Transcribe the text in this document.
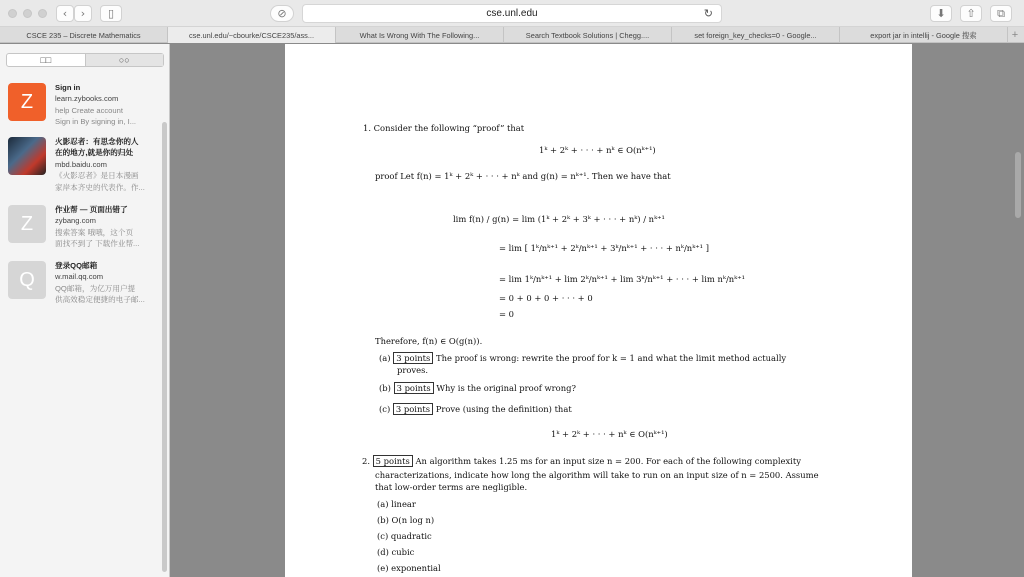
‹	›	▯	⊘	cse.unl.edu	↻	⬇	⇧	⧉
CSCE 235 – Discrete Mathematics	cse.unl.edu/~cbourke/CSCE235/ass...	What Is Wrong With The Following...	Search Textbook Solutions | Chegg....	set foreign_key_checks=0 - Google...	export jar in intellij - Google 搜索	+
□□	○○
Z
Sign in
learn.zybooks.com
help Create account
Sign in By signing in, I...
火影忍者：有思念你的人
在的地方,就是你的归处
mbd.baidu.com
《火影忍者》是日本漫画
家岸本齐史的代表作。作...
Z
作业帮 — 页面出错了
zybang.com
搜索答案 哦哦，这个页
面找不到了 下载作业帮...
Q
登录QQ邮箱
w.mail.qq.com
QQ邮箱，为亿万用户提
供高效稳定便捷的电子邮...
1. Consider the following “proof” that
1ᵏ + 2ᵏ + · · · + nᵏ ∈ O(nᵏ⁺¹)
proof Let f(n) = 1ᵏ + 2ᵏ + · · · + nᵏ and g(n) = nᵏ⁺¹. Then we have that
lim f(n) / g(n) = lim (1ᵏ + 2ᵏ + 3ᵏ + · · · + nᵏ) / nᵏ⁺¹
= lim [ 1ᵏ/nᵏ⁺¹ + 2ᵏ/nᵏ⁺¹ + 3ᵏ/nᵏ⁺¹ + · · · + nᵏ/nᵏ⁺¹ ]
= lim 1ᵏ/nᵏ⁺¹ + lim 2ᵏ/nᵏ⁺¹ + lim 3ᵏ/nᵏ⁺¹ + · · · + lim nᵏ/nᵏ⁺¹
= 0 + 0 + 0 + · · · + 0
= 0
Therefore, f(n) ∈ O(g(n)).
(a) 3 points The proof is wrong: rewrite the proof for k = 1 and what the limit method actually
proves.
(b) 3 points Why is the original proof wrong?
(c) 3 points Prove (using the definition) that
1ᵏ + 2ᵏ + · · · + nᵏ ∈ O(nᵏ⁺¹)
2. 5 points An algorithm takes 1.25 ms for an input size n = 200. For each of the following complexity
characterizations, indicate how long the algorithm will take to run on an input size of n = 2500. Assume
that low-order terms are negligible.
(a) linear
(b) O(n log n)
(c) quadratic
(d) cubic
(e) exponential
